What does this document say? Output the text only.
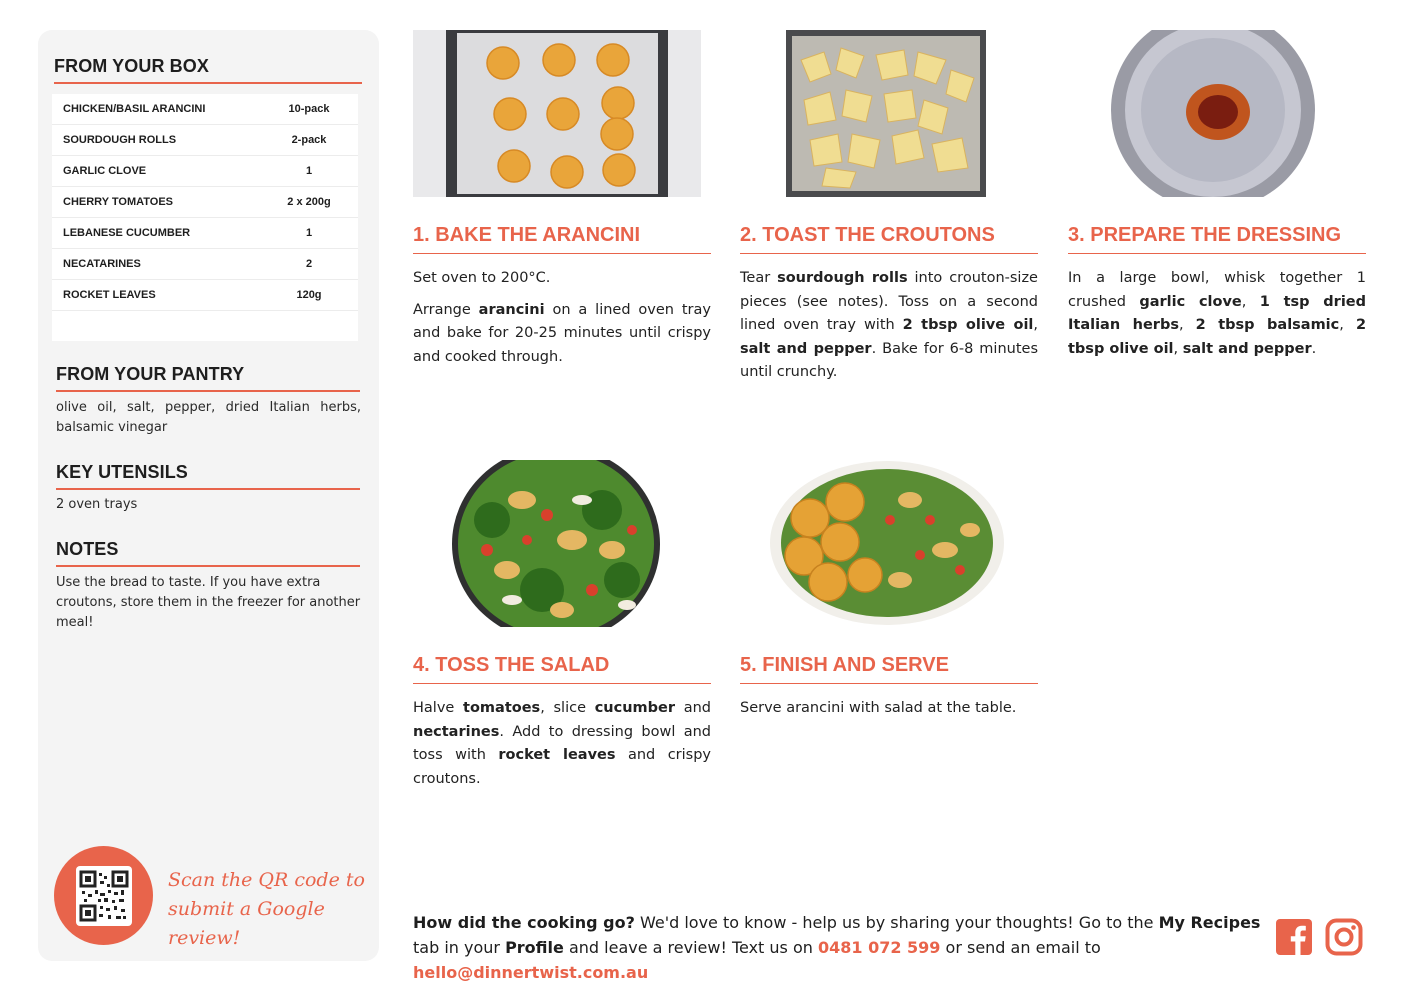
FROM YOUR BOX
CHICKEN/BASIL ARANCINI	10-pack
SOURDOUGH ROLLS	2-pack
GARLIC CLOVE	1
CHERRY TOMATOES	2 x 200g
LEBANESE CUCUMBER	1
NECATARINES	2
ROCKET LEAVES	120g
FROM YOUR PANTRY
olive oil, salt, pepper, dried Italian herbs, balsamic vinegar
KEY UTENSILS
2 oven trays
NOTES
Use the bread to taste. If you have extra croutons, store them in the freezer for another meal!
Scan the QR code to
submit a Google review!
1. BAKE THE ARANCINI

Set oven to 200°C.

Arrange arancini on a lined oven tray and bake for 20-25 minutes until crispy and cooked through.

2. TOAST THE CROUTONS

Tear sourdough rolls into crouton-size pieces (see notes). Toss on a second lined oven tray with 2 tbsp olive oil, salt and pepper. Bake for 6-8 minutes until crunchy.

3. PREPARE THE DRESSING

In a large bowl, whisk together 1 crushed garlic clove, 1 tsp dried Italian herbs, 2 tbsp balsamic, 2 tbsp olive oil, salt and pepper.

4. TOSS THE SALAD

Halve tomatoes, slice cucumber and nectarines. Add to dressing bowl and toss with rocket leaves and crispy croutons.

5. FINISH AND SERVE

Serve arancini with salad at the table.

How did the cooking go? We'd love to know - help us by sharing your thoughts! Go to the My Recipes tab in your Profile and leave a review! Text us on 0481 072 599 or send an email to hello@dinnertwist.com.au
